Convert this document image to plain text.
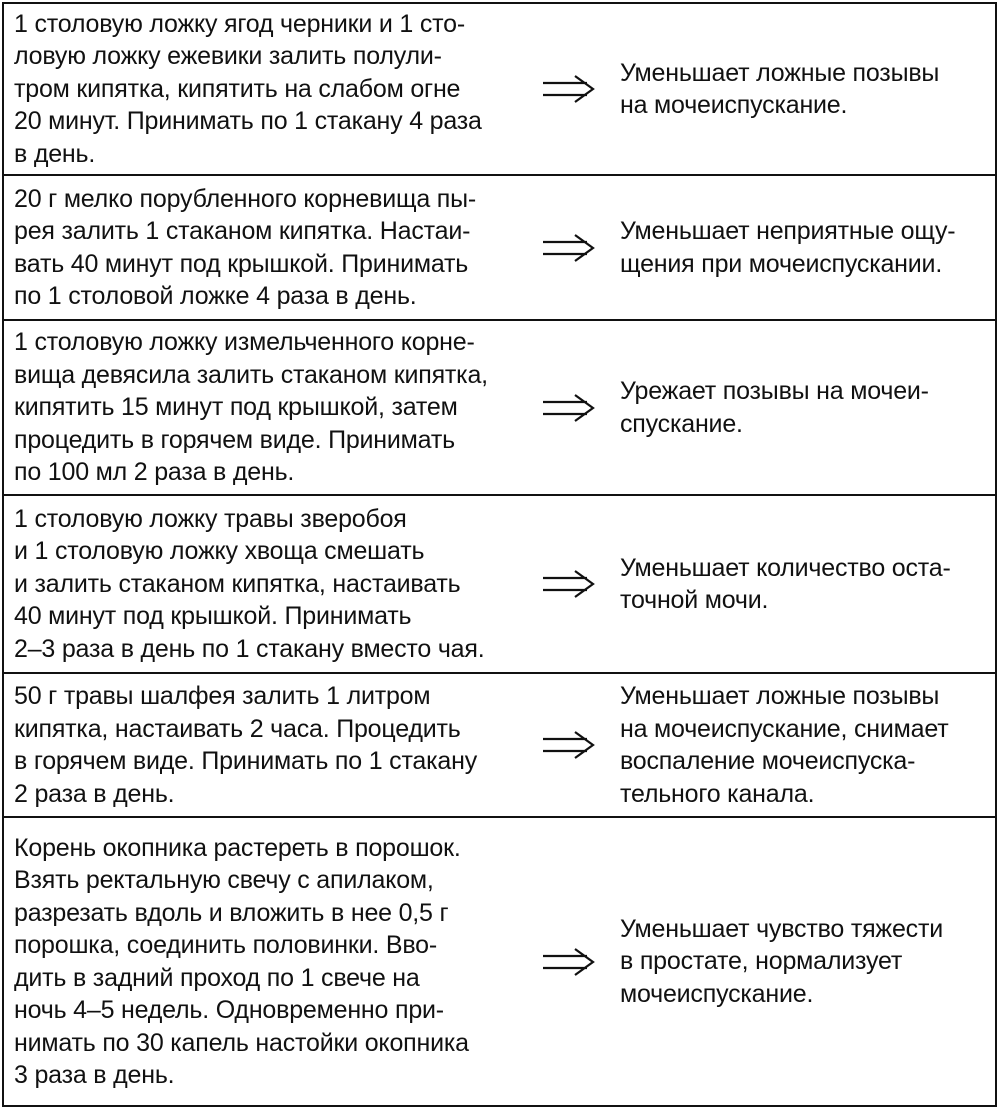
1 столовую ложку ягод черники и 1 сто-
ловую ложку ежевики залить полули-
тром кипятка, кипятить на слабом огне
20 минут. Принимать по 1 стакану 4 раза
в день.
Уменьшает ложные позывы
на мочеиспускание.
20 г мелко порубленного корневища пы-
рея залить 1 стаканом кипятка. Настаи-
вать 40 минут под крышкой. Принимать
по 1 столовой ложке 4 раза в день.
Уменьшает неприятные ощу-
щения при мочеиспускании.
1 столовую ложку измельченного корне-
вища девясила залить стаканом кипятка,
кипятить 15 минут под крышкой, затем
процедить в горячем виде. Принимать
по 100 мл 2 раза в день.
Урежает позывы на мочеи-
спускание.
1 столовую ложку травы зверобоя
и 1 столовую ложку хвоща смешать
и залить стаканом кипятка, настаивать
40 минут под крышкой. Принимать
2–3 раза в день по 1 стакану вместо чая.
Уменьшает количество оста-
точной мочи.
50 г травы шалфея залить 1 литром
кипятка, настаивать 2 часа. Процедить
в горячем виде. Принимать по 1 стакану
2 раза в день.
Уменьшает ложные позывы
на мочеиспускание, снимает
воспаление мочеиспуска-
тельного канала.
Корень окопника растереть в порошок.
Взять ректальную свечу с апилаком,
разрезать вдоль и вложить в нее 0,5 г
порошка, соединить половинки. Вво-
дить в задний проход по 1 свече на
ночь 4–5 недель. Одновременно при-
нимать по 30 капель настойки окопника
3 раза в день.
Уменьшает чувство тяжести
в простате, нормализует
мочеиспускание.
